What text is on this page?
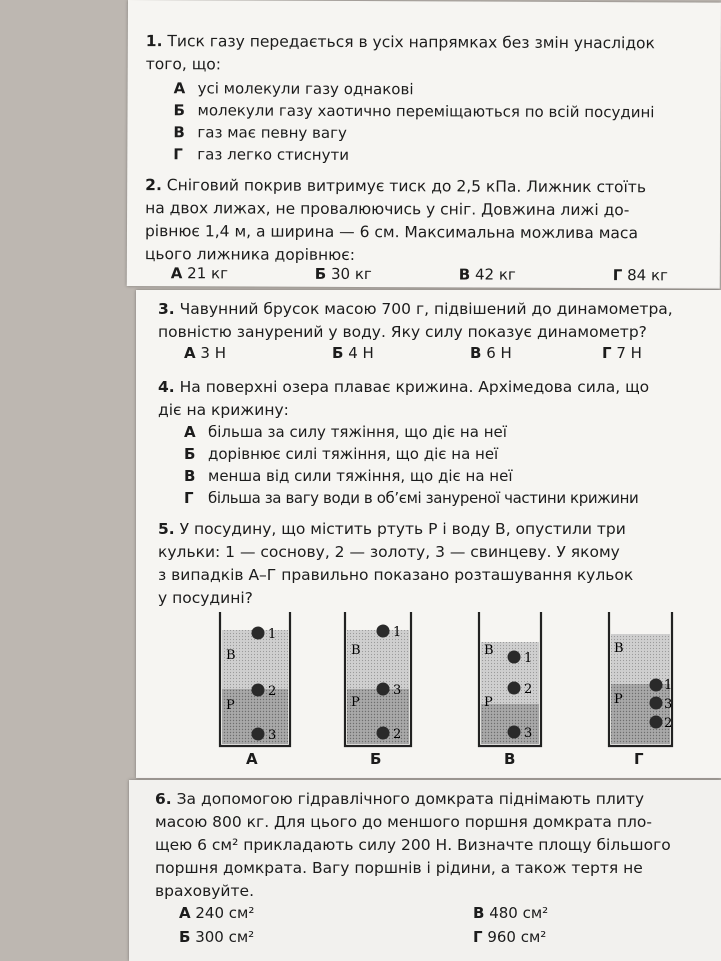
1. Тиск газу передається в усіх напрямках без змін унаслідок
того, що:
А усі молекули газу однакові
Б молекули газу хаотично переміщаються по всій посудині
В газ має певну вагу
Г газ легко стиснути
2. Сніговий покрив витримує тиск до 2,5 кПа. Лижник стоїть
на двох лижах, не провалюючись у сніг. Довжина лижі до-
рівнює 1,4 м, а ширина — 6 см. Максимальна можлива маса
цього лижника дорівнює:
А 21 кг	Б 30 кг	В 42 кг	Г 84 кг
3. Чавунний брусок масою 700 г, підвішений до динамометра,
повністю занурений у воду. Яку силу показує динамометр?
А 3 Н	Б 4 Н	В 6 Н	Г 7 Н
4. На поверхні озера плаває крижина. Архімедова сила, що
діє на крижину:
А більша за силу тяжіння, що діє на неї
Б дорівнює силі тяжіння, що діє на неї
В менша від сили тяжіння, що діє на неї
Г більша за вагу води в об’ємі зануреної частини крижини
5. У посудину, що містить ртуть Р і воду В, опустили три
кульки: 1 — соснову, 2 — золоту, 3 — свинцеву. У якому
з випадків А–Г правильно показано розташування кульок
у посудині?
В
Р
1
2
3
В
Р
1
3
2
В
Р
1
2
3
В
Р
1
3
2
А	Б	В	Г
6. За допомогою гідравлічного домкрата піднімають плиту
масою 800 кг. Для цього до меншого поршня домкрата пло-
щею 6 см² прикладають силу 200 Н. Визначте площу більшого
поршня домкрата. Вагу поршнів і рідини, а також тертя не
враховуйте.
А 240 см²	В 480 см²
Б 300 см²	Г 960 см²
